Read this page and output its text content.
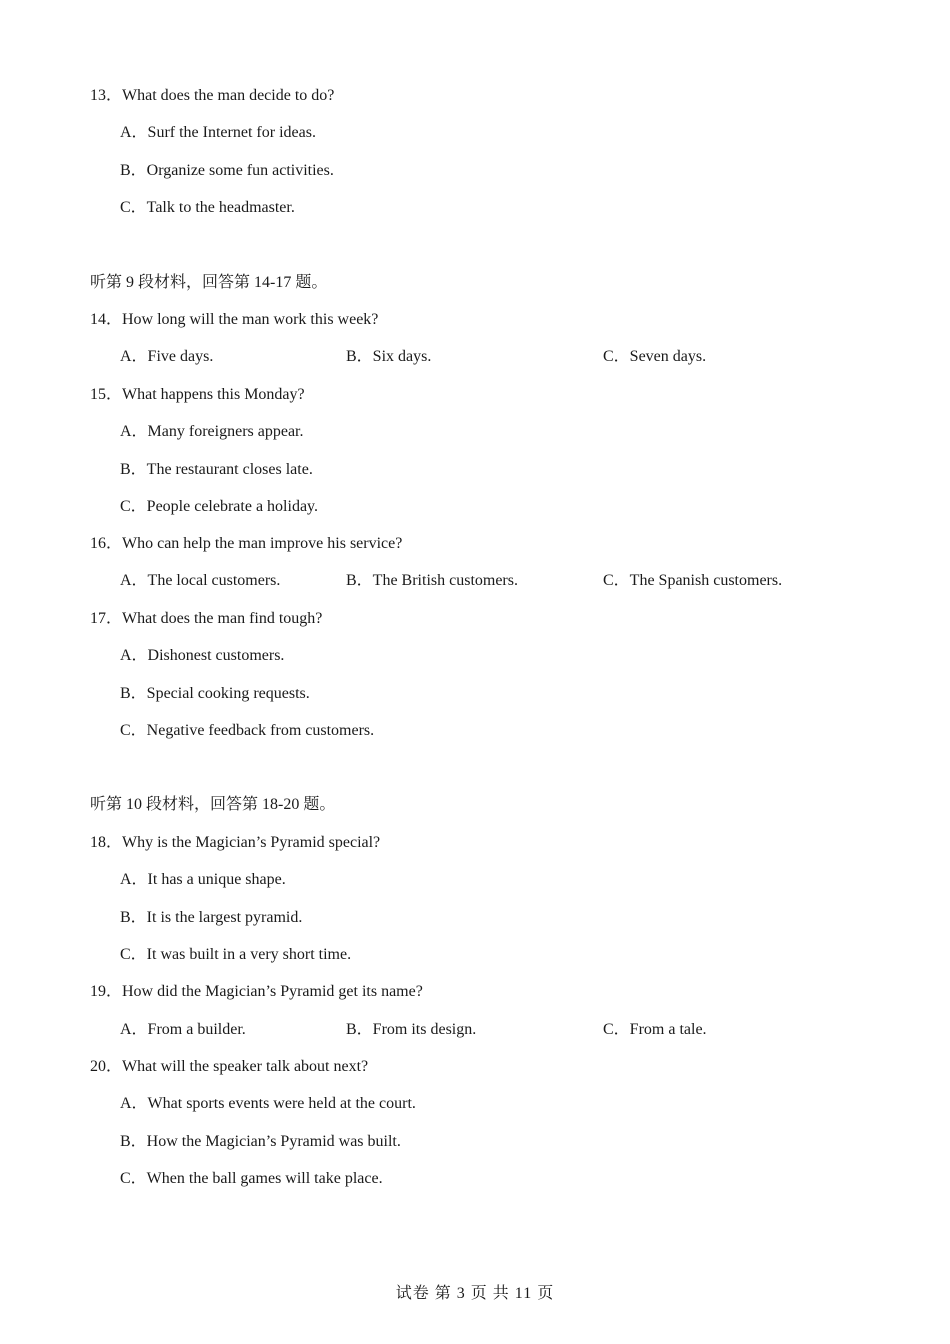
13．What does the man decide to do?
A．Surf the Internet for ideas.
B．Organize some fun activities.
C．Talk to the headmaster.
听第 9 段材料，回答第 14-17 题。
14．How long will the man work this week?
A．Five days.	B．Six days.	C．Seven days.
15．What happens this Monday?
A．Many foreigners appear.
B．The restaurant closes late.
C．People celebrate a holiday.
16．Who can help the man improve his service?
A．The local customers.	B．The British customers.	C．The Spanish customers.
17．What does the man find tough?
A．Dishonest customers.
B．Special cooking requests.
C．Negative feedback from customers.
听第 10 段材料，回答第 18-20 题。
18．Why is the Magician’s Pyramid special?
A．It has a unique shape.
B．It is the largest pyramid.
C．It was built in a very short time.
19．How did the Magician’s Pyramid get its name?
A．From a builder.	B．From its design.	C．From a tale.
20．What will the speaker talk about next?
A．What sports events were held at the court.
B．How the Magician’s Pyramid was built.
C．When the ball games will take place.
试卷 第 3 页 共 11 页
